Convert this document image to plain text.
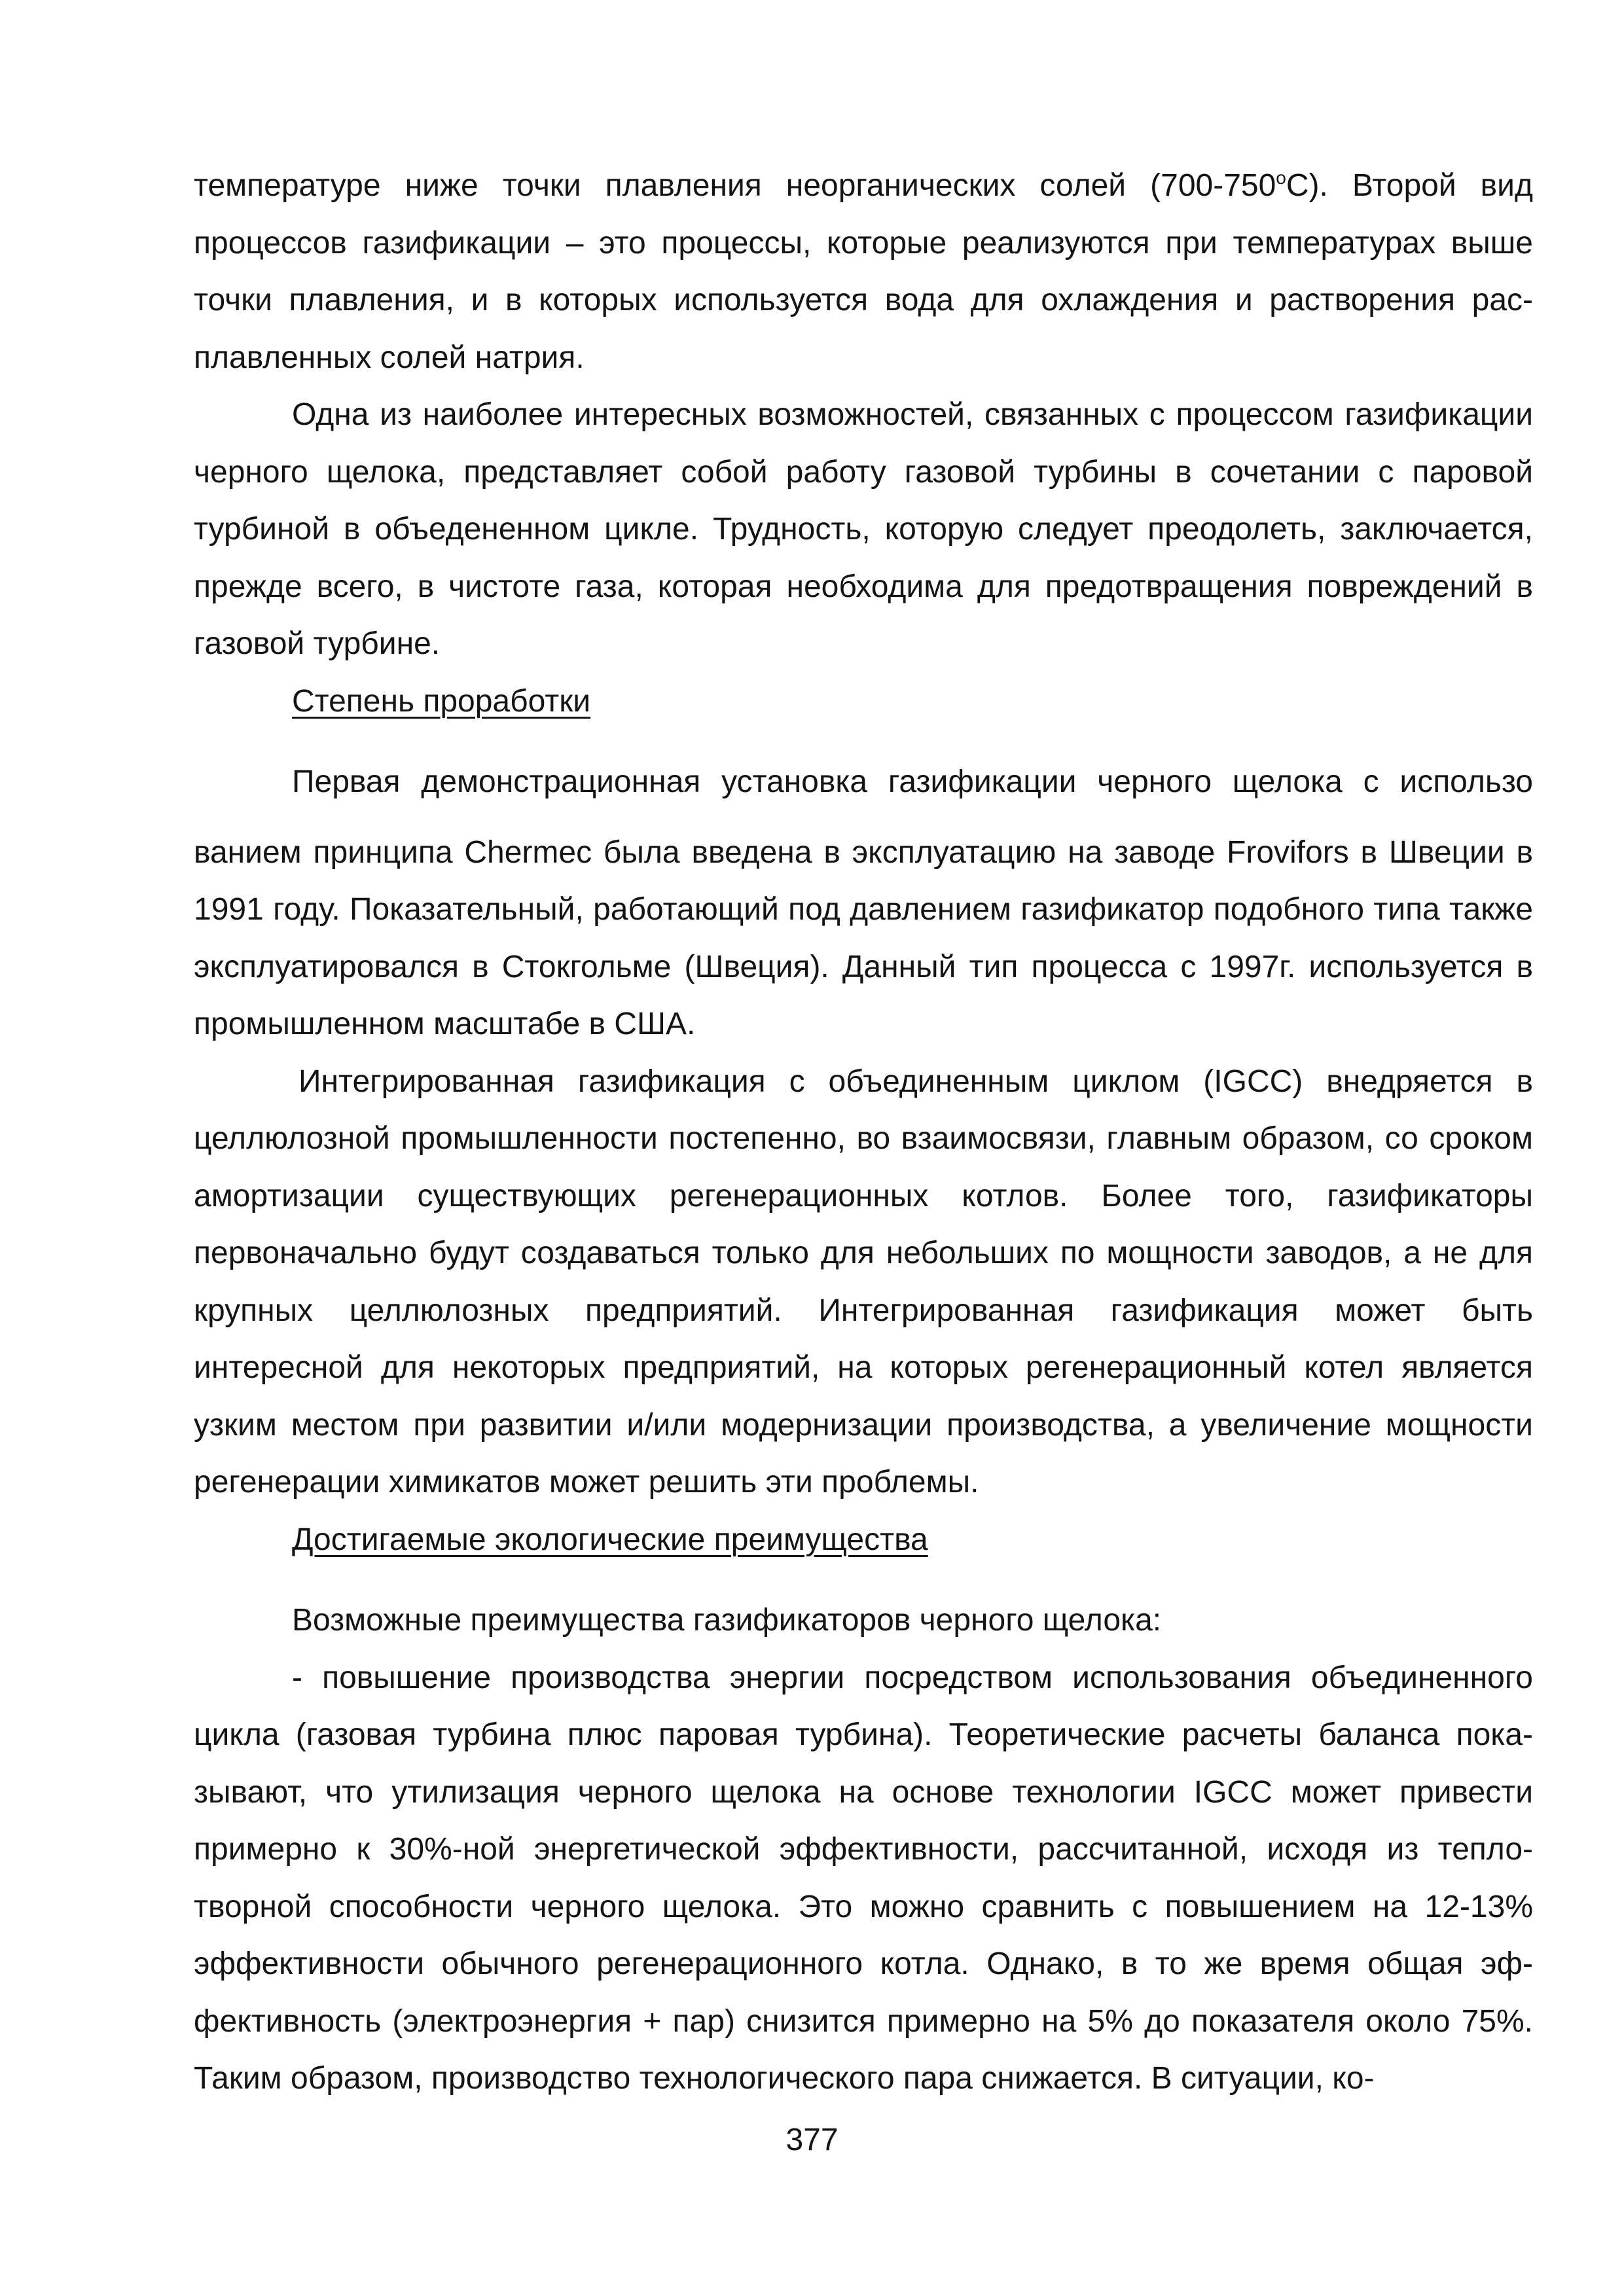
температуре ниже точки плавления неорганических солей (700-750$^o$С). Второй вид процессов газификации – это процессы, которые реализуются при температурах выше точки плавления, и в которых используется вода для охлаждения и растворения расплавленных солей натрия.

Одна из наиболее интересных возможностей, связанных с процессом газификации черного щелока, представляет собой работу газовой турбины в сочетании с паровой турбиной в объедененном цикле. Трудность, которую следует преодолеть, заключается, прежде всего, в чистоте газа, которая необходима для предотвращения повреждений в газовой турбине.

Степень проработки

Первая демонстрационная установка газификации черного щелока с использо

ванием принципа Chermec была введена в эксплуатацию на заводе Frovifors в Швеции в 1991 году. Показательный, работающий под давлением газификатор подобного типа также эксплуатировался в Стокгольме (Швеция). Данный тип процесса с 1997г. используется в промышленном масштабе в США.

Интегрированная газификация с объединенным циклом (IGCC) внедряется в целлюлозной промышленности постепенно, во взаимосвязи, главным образом, со сроком амортизации существующих регенерационных котлов. Более того, газификаторы первоначально будут создаваться только для небольших по мощности заводов, а не для крупных целлюлозных предприятий. Интегрированная газификация может быть интересной для некоторых предприятий, на которых регенерационный котел является узким местом при развитии и/или модернизации производства, а увеличение мощности регенерации химикатов может решить эти проблемы.

Достигаемые экологические преимущества

Возможные преимущества газификаторов черного щелока:

- повышение производства энергии посредством использования объединенного цикла (газовая турбина плюс паровая турбина). Теоретические расчеты баланса показывают, что утилизация черного щелока на основе технологии IGCC может привести примерно к 30%-ной энергетической эффективности, рассчитанной, исходя из теплотворной способности черного щелока. Это можно сравнить с повышением на 12-13% эффективности обычного регенерационного котла. Однако, в то же время общая эффективность (электроэнергия + пар) снизится примерно на 5% до показателя около 75%. Таким образом, производство технологического пара снижается. В ситуации, ко-

377
